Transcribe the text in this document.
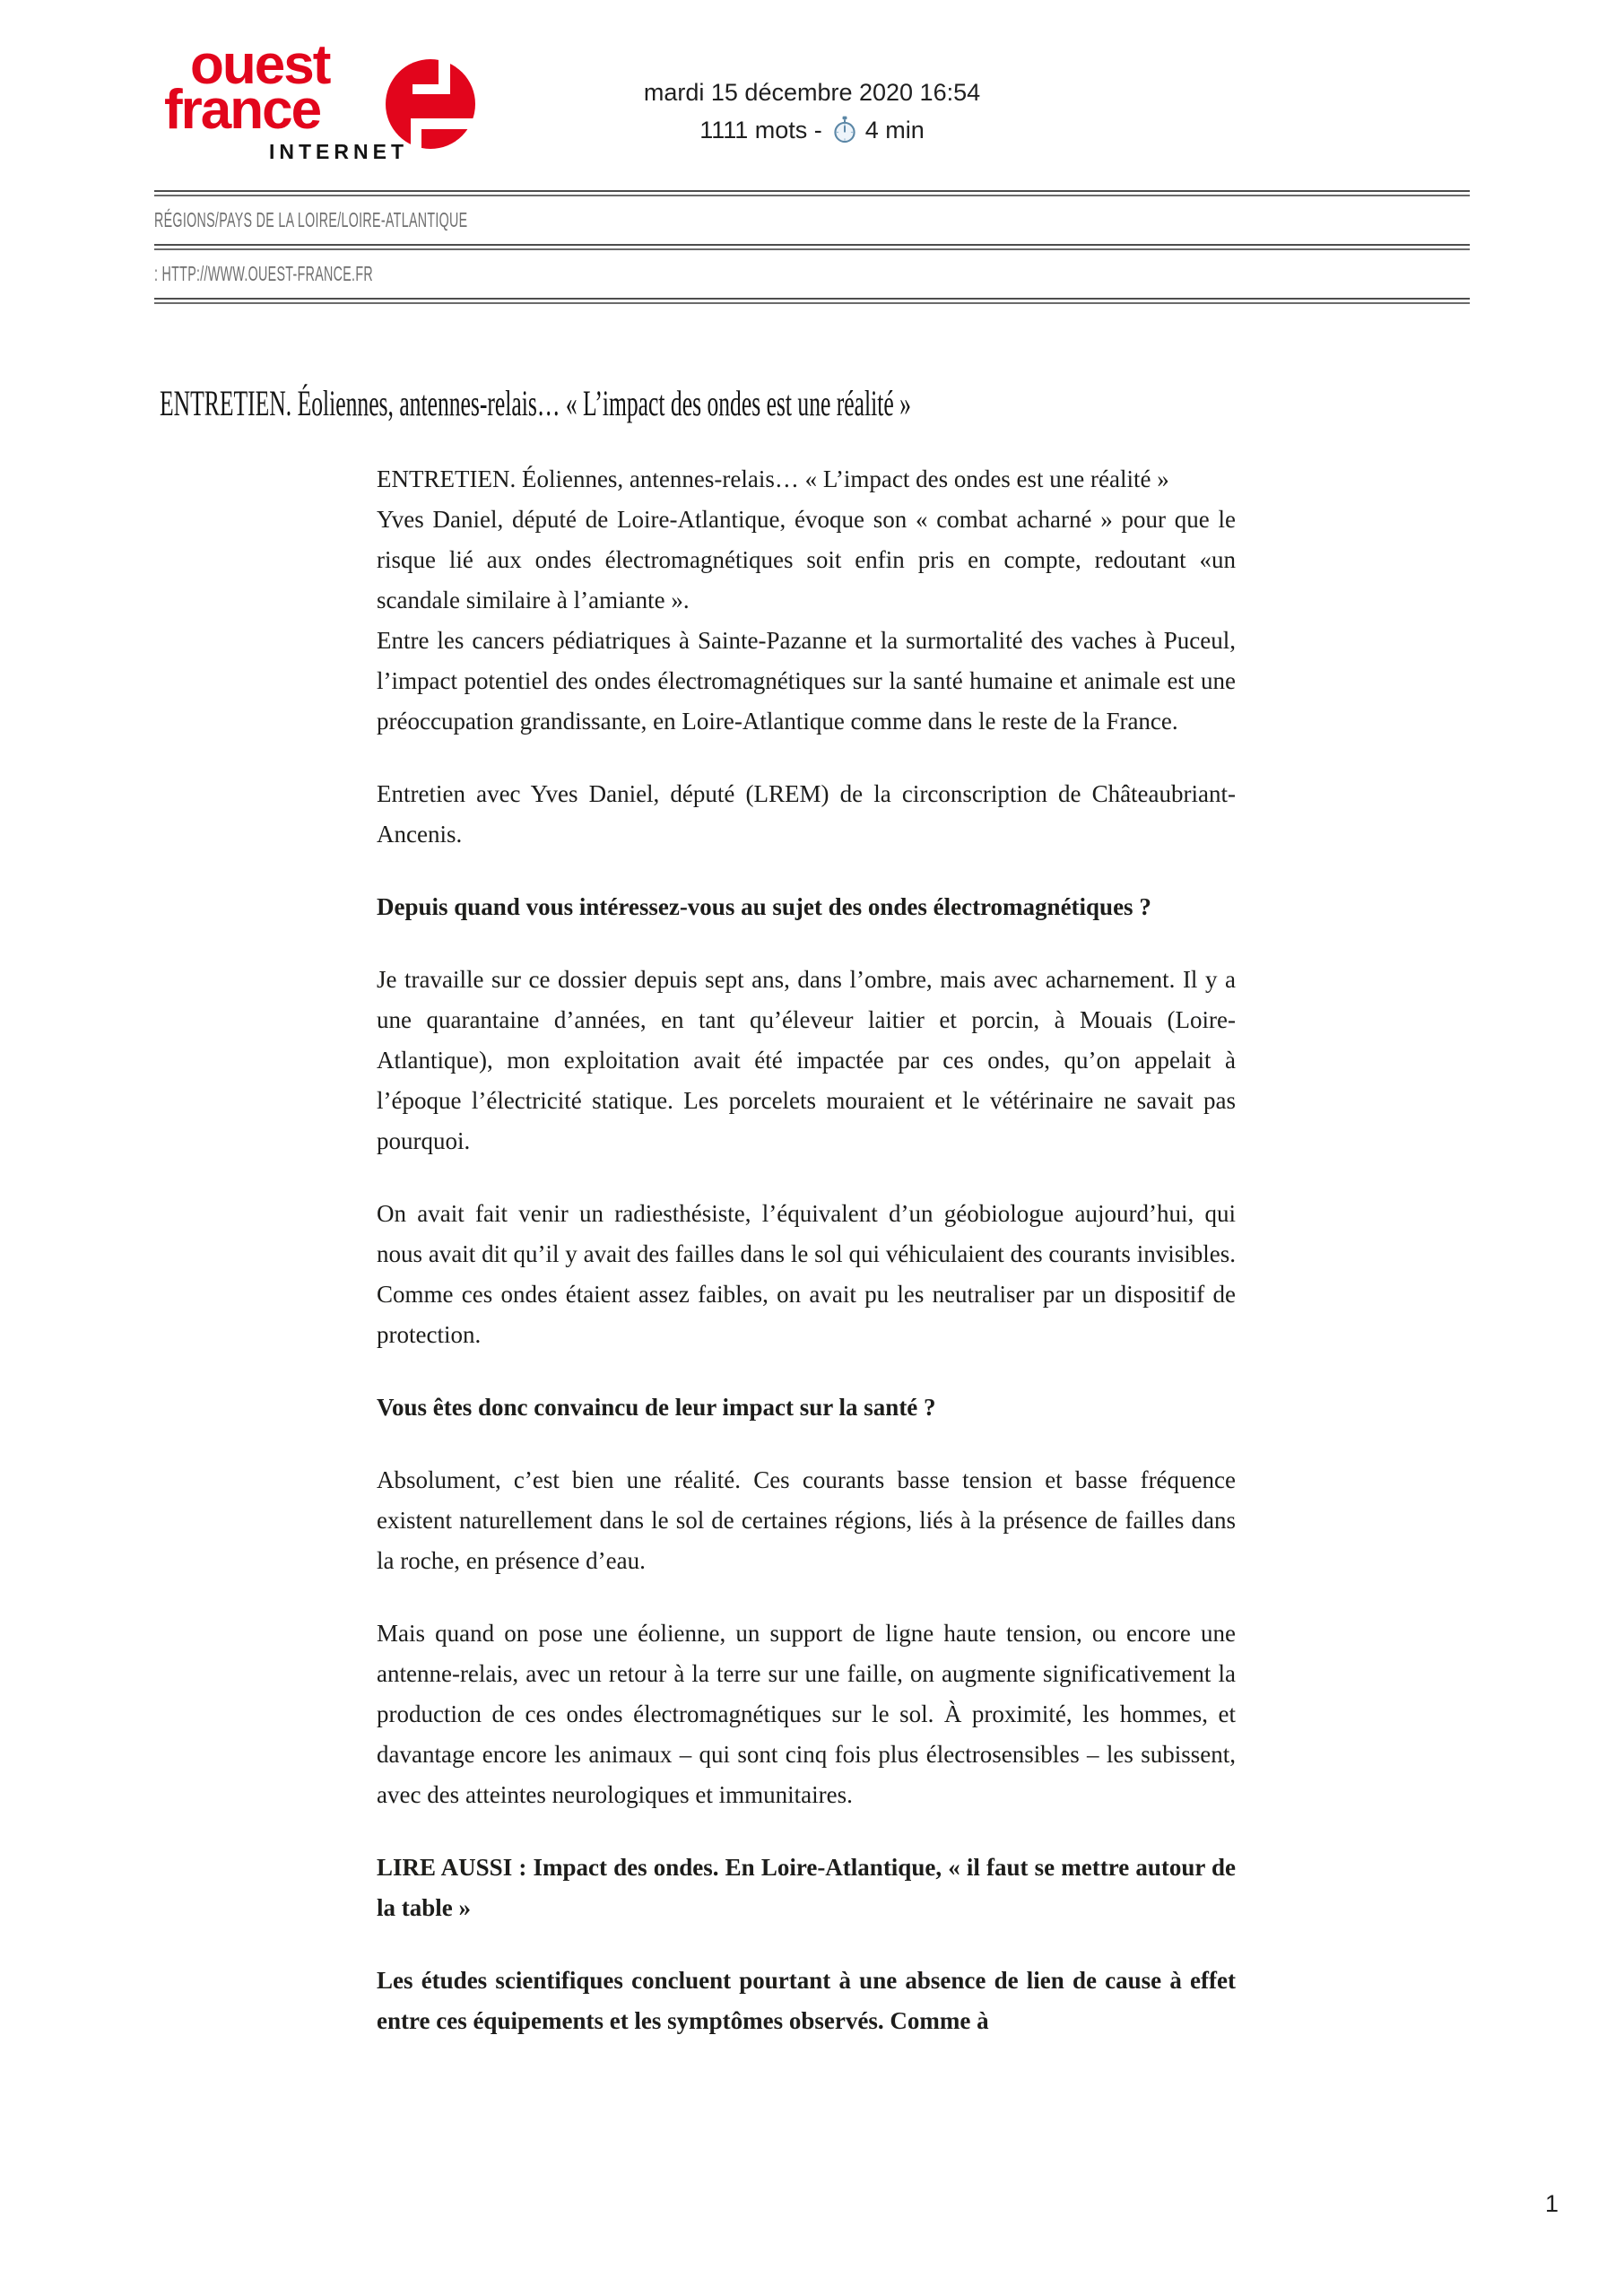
ouest
france
INTERNET
mardi 15 décembre 2020 16:54
1111 mots - 4 min
RÉGIONS/PAYS DE LA LOIRE/LOIRE-ATLANTIQUE
: HTTP://WWW.OUEST-FRANCE.FR
ENTRETIEN. Éoliennes, antennes-relais… « L’impact des ondes est une réalité »

ENTRETIEN. Éoliennes, antennes-relais… « L’impact des ondes est une réalité »

Yves Daniel, député de Loire-Atlantique, évoque son « combat acharné » pour que le risque lié aux ondes électromagnétiques soit enfin pris en compte, redoutant «un scandale similaire à l’amiante ».

Entre les cancers pédiatriques à Sainte-Pazanne et la surmortalité des vaches à Puceul, l’impact potentiel des ondes électromagnétiques sur la santé humaine et animale est une préoccupation grandissante, en Loire-Atlantique comme dans le reste de la France.

Entretien avec Yves Daniel, député (LREM) de la circonscription de Châteaubriant-Ancenis.

Depuis quand vous intéressez-vous au sujet des ondes électromagnétiques ?

Je travaille sur ce dossier depuis sept ans, dans l’ombre, mais avec acharnement. Il y a une quarantaine d’années, en tant qu’éleveur laitier et porcin, à Mouais (Loire-Atlantique), mon exploitation avait été impactée par ces ondes, qu’on appelait à l’époque l’électricité statique. Les porcelets mouraient et le vétérinaire ne savait pas pourquoi.

On avait fait venir un radiesthésiste, l’équivalent d’un géobiologue aujourd’hui, qui nous avait dit qu’il y avait des failles dans le sol qui véhiculaient des courants invisibles. Comme ces ondes étaient assez faibles, on avait pu les neutraliser par un dispositif de protection.

Vous êtes donc convaincu de leur impact sur la santé ?

Absolument, c’est bien une réalité. Ces courants basse tension et basse fréquence existent naturellement dans le sol de certaines régions, liés à la présence de failles dans la roche, en présence d’eau.

Mais quand on pose une éolienne, un support de ligne haute tension, ou encore une antenne-relais, avec un retour à la terre sur une faille, on augmente significativement la production de ces ondes électromagnétiques sur le sol. À proximité, les hommes, et davantage encore les animaux – qui sont cinq fois plus électrosensibles – les subissent, avec des atteintes neurologiques et immunitaires.

LIRE AUSSI : Impact des ondes. En Loire-Atlantique, « il faut se mettre autour de la table »

Les études scientifiques concluent pourtant à une absence de lien de cause à effet entre ces équipements et les symptômes observés. Comme à

1
